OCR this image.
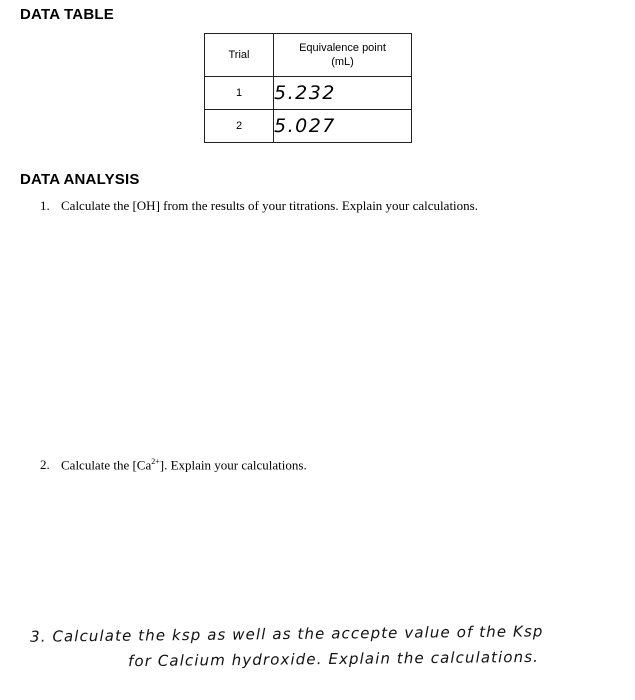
DATA TABLE
Trial	Equivalence point
(mL)
1	5.232
2	5.027
DATA ANALYSIS
1. Calculate the [OH] from the results of your titrations. Explain your calculations.
2. Calculate the $[Ca^{2+}]$. Explain your calculations.
3. Calculate the ksp as well as the accepte value of the Ksp
for Calcium hydroxide. Explain the calculations.
